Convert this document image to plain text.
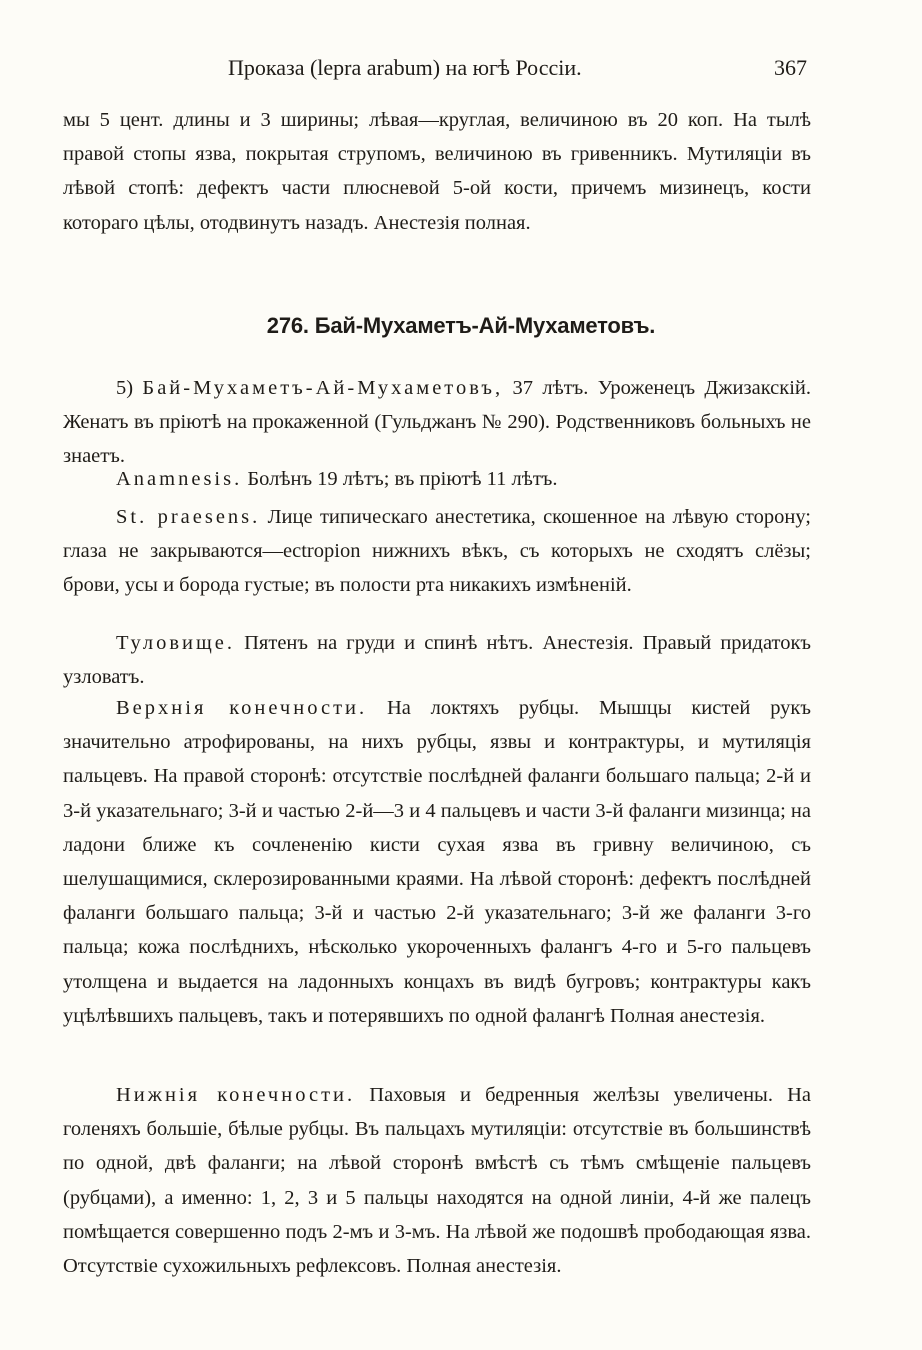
Проказа (lepra arabum) на югѣ Россіи.	367

мы 5 цент. длины и 3 ширины; лѣвая—круглая, величиною въ 20 коп. На тылѣ правой стопы язва, покрытая струпомъ, величиною въ гривенникъ. Мутиляціи въ лѣвой стопѣ: дефектъ части плюсневой 5-ой кости, причемъ мизинецъ, кости котораго цѣлы, отодвинутъ назадъ. Анестезія полная.

276. Бай-Мухаметъ-Ай-Мухаметовъ.

5) Бай-Мухаметъ-Ай-Мухаметовъ, 37 лѣтъ. Уроженецъ Джизакскій. Женатъ въ пріютѣ на прокаженной (Гульджанъ № 290). Родственниковъ больныхъ не знаетъ.

Anamnesis. Болѣнъ 19 лѣтъ; въ пріютѣ 11 лѣтъ.

St. praesens. Лице типическаго анестетика, скошенное на лѣвую сторону; глаза не закрываются—ectropion нижнихъ вѣкъ, съ которыхъ не сходятъ слёзы; брови, усы и борода густые; въ полости рта никакихъ измѣненій.

Туловище. Пятенъ на груди и спинѣ нѣтъ. Анестезія. Правый придатокъ узловатъ.

Верхнія конечности. На локтяхъ рубцы. Мышцы кистей рукъ значительно атрофированы, на нихъ рубцы, язвы и контрактуры, и мутиляція пальцевъ. На правой сторонѣ: отсутствіе послѣдней фаланги большаго пальца; 2-й и 3-й указательнаго; 3-й и частью 2-й—3 и 4 пальцевъ и части 3-й фаланги мизинца; на ладони ближе къ сочлененію кисти сухая язва въ гривну величиною, съ шелушащимися, склерозированными краями. На лѣвой сторонѣ: дефектъ послѣдней фаланги большаго пальца; 3-й и частью 2-й указательнаго; 3-й же фаланги 3-го пальца; кожа послѣднихъ, нѣсколько укороченныхъ фалангъ 4-го и 5-го пальцевъ утолщена и выдается на ладонныхъ концахъ въ видѣ бугровъ; контрактуры какъ уцѣлѣвшихъ пальцевъ, такъ и потерявшихъ по одной фалангѣ Полная анестезія.

Нижнія конечности. Паховыя и бедренныя желѣзы увеличены. На голеняхъ большіе, бѣлые рубцы. Въ пальцахъ мутиляціи: отсутствіе въ большинствѣ по одной, двѣ фаланги; на лѣвой сторонѣ вмѣстѣ съ тѣмъ смѣщеніе пальцевъ (рубцами), а именно: 1, 2, 3 и 5 пальцы находятся на одной линіи, 4-й же палецъ помѣщается совершенно подъ 2-мъ и 3-мъ. На лѣвой же подошвѣ прободающая язва. Отсутствіе сухожильныхъ рефлексовъ. Полная анестезія.
